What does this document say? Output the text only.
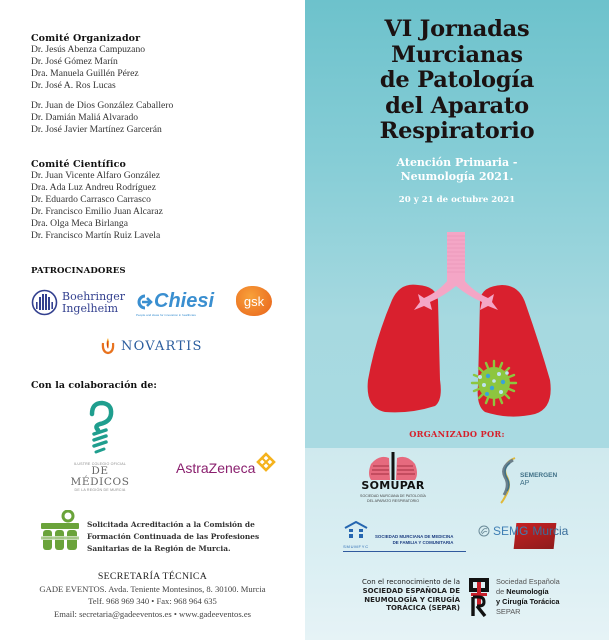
Comité Organizador
Dr. Jesús Abenza Campuzano
Dr. José Gómez Marín
Dra. Manuela Guillén Pérez
Dr. José A. Ros Lucas
Dr. Juan de Dios González Caballero
Dr. Damián Maliá Alvarado
Dr. José Javier Martínez Garcerán
Comité Científico
Dr. Juan Vicente Alfaro González
Dra. Ada Luz Andreu Rodríguez
Dr. Eduardo Carrasco Carrasco
Dr. Francisco Emilio Juan Alcaraz
Dra. Olga Meca Birlanga
Dr. Francisco Martín Ruiz Lavela
PATROCINADORES
Boehringer
Ingelheim	Chiesi
People and ideas for innovation in healthcare
gsk
NOVARTIS
Con la colaboración de:
ILUSTRE COLEGIO OFICIAL
DE MÉDICOS
DE LA REGIÓN DE MURCIA
AstraZeneca
Solicitada Acreditación a la Comisión de
Formación Continuada de las Profesiones
Sanitarias de la Región de Murcia.
SECRETARÍA TÉCNICA
GADE EVENTOS. Avda. Teniente Montesinos, 8. 30100. Murcia
Telf. 968 969 340 • Fax: 968 964 635
Email: secretaria@gadeeventos.es • www.gadeeventos.es
VI Jornadas
Murcianas
de Patología
del Aparato
Respiratorio
Atención Primaria -
Neumología 2021.
20 y 21 de octubre 2021
ORGANIZADO POR:
SOMUPAR
SOCIEDAD MURCIANA DE PATOLOGÍA
DEL APARATO RESPIRATORIO
SEMERGEN
AP
SMUMFYC
SOCIEDAD MURCIANA DE MEDICINA
DE FAMILIA Y COMUNITARIA
SEMG Murcia
Con el reconocimiento de la
SOCIEDAD ESPAÑOLA DE
NEUMOLOGÍA Y CIRUGÍA
TORÁCICA (SEPAR)
Sociedad Española
de Neumología
y Cirugía Torácica
SEPAR
